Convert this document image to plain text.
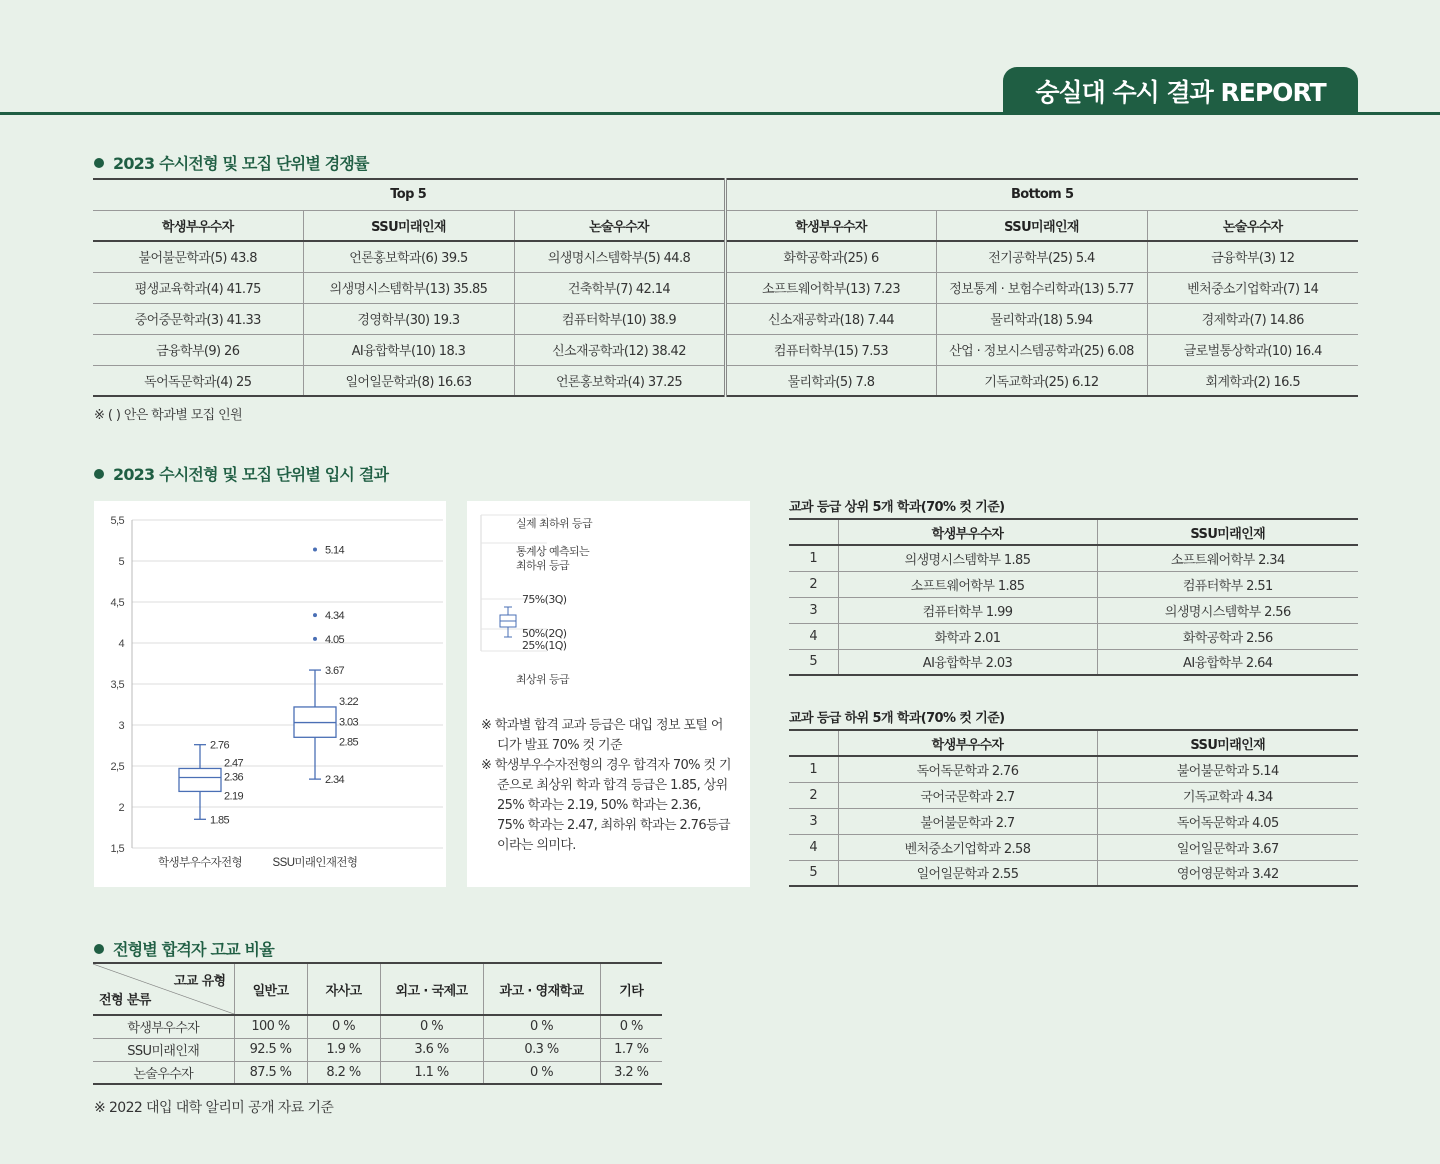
숭실대 수시 결과 REPORT
2023 수시전형 및 모집 단위별 경쟁률
Top 5			Bottom 5		
학생부우수자	SSU미래인재	논술우수자	학생부우수자	SSU미래인재	논술우수자
불어불문학과(5) 43.8	언론홍보학과(6) 39.5	의생명시스템학부(5) 44.8	화학공학과(25) 6	전기공학부(25) 5.4	금융학부(3) 12
평생교육학과(4) 41.75	의생명시스템학부(13) 35.85	건축학부(7) 42.14	소프트웨어학부(13) 7.23	정보통계 · 보험수리학과(13) 5.77	벤처중소기업학과(7) 14
중어중문학과(3) 41.33	경영학부(30) 19.3	컴퓨터학부(10) 38.9	신소재공학과(18) 7.44	물리학과(18) 5.94	경제학과(7) 14.86
금융학부(9) 26	AI융합학부(10) 18.3	신소재공학과(12) 38.42	컴퓨터학부(15) 7.53	산업 · 정보시스템공학과(25) 6.08	글로벌통상학과(10) 16.4
독어독문학과(4) 25	일어일문학과(8) 16.63	언론홍보학과(4) 37.25	물리학과(5) 7.8	기독교학과(25) 6.12	회계학과(2) 16.5
※ ( ) 안은 학과별 모집 인원
2023 수시전형 및 모집 단위별 입시 결과
5,5
5
4,5
4
3,5
3
2,5
2
1,5
2.76
2.47
2.36
2.19
1.85
학생부우수자전형
3.67
3.22
3.03
2.85
2.34
5.14
4.34
4.05
SSU미래인재전형
실제 최하위 등급
통계상 예측되는
최하위 등급
75%(3Q)
50%(2Q)
25%(1Q)
최상위 등급

※ 학과별 합격 교과 등급은 대입 정보 포털 어디가 발표 70% 컷 기준

※ 학생부우수자전형의 경우 합격자 70% 컷 기준으로 최상위 학과 합격 등급은 1.85, 상위 25% 학과는 2.19, 50% 학과는 2.36, 75% 학과는 2.47, 최하위 학과는 2.76등급이라는 의미다.

교과 등급 상위 5개 학과(70% 컷 기준)
	학생부우수자	SSU미래인재
1	의생명시스템학부 1.85	소프트웨어학부 2.34
2	소프트웨어학부 1.85	컴퓨터학부 2.51
3	컴퓨터학부 1.99	의생명시스템학부 2.56
4	화학과 2.01	화학공학과 2.56
5	AI융합학부 2.03	AI융합학부 2.64
교과 등급 하위 5개 학과(70% 컷 기준)
	학생부우수자	SSU미래인재
1	독어독문학과 2.76	불어불문학과 5.14
2	국어국문학과 2.7	기독교학과 4.34
3	불어불문학과 2.7	독어독문학과 4.05
4	벤처중소기업학과 2.58	일어일문학과 3.67
5	일어일문학과 2.55	영어영문학과 3.42
전형별 합격자 고교 비율
고교 유형
전형 분류	일반고	자사고	외고 · 국제고	과고 · 영재학교	기타
학생부우수자	100 %	0 %	0 %	0 %	0 %
SSU미래인재	92.5 %	1.9 %	3.6 %	0.3 %	1.7 %
논술우수자	87.5 %	8.2 %	1.1 %	0 %	3.2 %
※ 2022 대입 대학 알리미 공개 자료 기준
